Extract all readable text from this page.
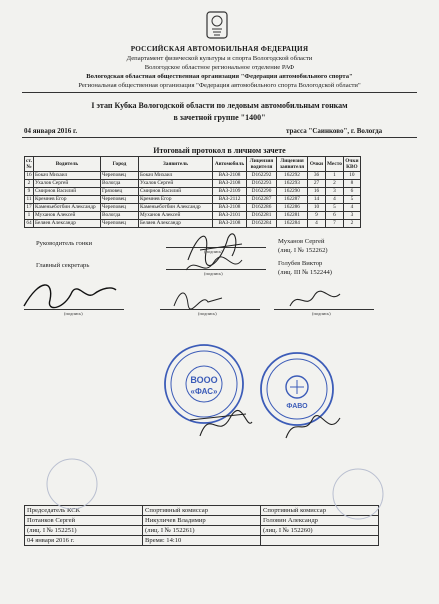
РОССИЙСКАЯ АВТОМОБИЛЬНАЯ ФЕДЕРАЦИЯ
Департамент физической культуры и спорта Вологодской области
Вологодское областное региональное отделение РАФ
Вологодская областная общественная организация "Федерация автомобильного спорта"
Региональная общественная организация "Федерация автомобильного спорта Вологодской области"
I этап Кубка Вологодской области по ледовым автомобильным гонкам
в зачетной группе "1400"
04 января 2016 г.	трасса "Саинково", г. Вологда
Итоговый протокол в личном зачете
ст. №	Водитель	Город	Заявитель	Автомобиль	Лицензия водителя	Лицензия заявителя	Очки	Место	Очки КВО
16	Бокач Михаил	Череповец	Бокач Михаил	ВАЗ-2108	D162292	162292	36	1	10
2	Ухалов Сергей	Вологда	Ухалов Сергей	ВАЗ-2108	D162293	162293	27	2	8
9	Смирнов Василий	Грязовец	Смирнов Василий	ВАЗ-2109	D162290	162290	16	3	6
11	Кремнев Егор	Череповец	Кремнев Егор	ВАЗ-2112	D162287	162287	14	4	5
17	Каменьеботбин Александр	Череповец	Каменьеботбин Александр	ВАЗ-2108	D162286	162286	10	5	4
1	Муханов Алексей	Вологда	Муханов Алексей	ВАЗ-2101	D162281	162281	9	6	3
64	Беляев Александр	Череповец	Беляев Александр	ВАЗ-2108	D162284	162284	4	7	2
Руководитель гонки
(подпись)
Муханов Сергей
(лиц. I № 152262)
Главный секретарь
(подпись)
Голубев Виктор
(лиц. III № 152244)
(подпись)	(подпись)	(подпись)
Председатель КСК	Спортивный комиссар	Спортивный комиссар
Потанков Сергей	Никуличев Владимир	Головин Александр
(лиц. I № 152251)	(лиц. I № 152261)	(лиц. I № 152260)
04 января 2016 г.	Время: 14:10	
ВООО
«ФАС»
ФАВО
